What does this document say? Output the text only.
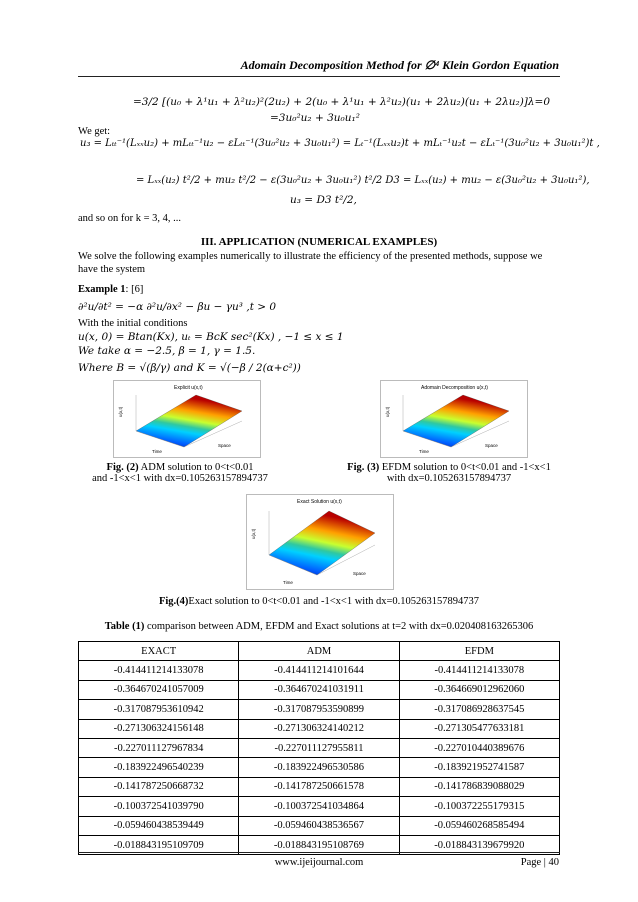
Adomain Decomposition Method for ∅⁴ Klein Gordon Equation
=3/2 [(u₀ + λ¹u₁ + λ²u₂)²(2u₂) + 2(u₀ + λ¹u₁ + λ²u₂)(u₁ + 2λu₂)(u₁ + 2λu₂)]λ=0
=3u₀²u₂ + 3u₀u₁²
We get:
u₃ = Lₜₜ⁻¹(Lₓₓu₂) + mLₜₜ⁻¹u₂ − εLₜₜ⁻¹(3u₀²u₂ + 3u₀u₁²) = Lₜ⁻¹(Lₓₓu₂)t + mLₜ⁻¹u₂t − εLₜ⁻¹(3u₀²u₂ + 3u₀u₁²)t ,
= Lₓₓ(u₂) t²/2 + mu₂ t²/2 − ε(3u₀²u₂ + 3u₀u₁²) t²/2 D3 = Lₓₓ(u₂) + mu₂ − ε(3u₀²u₂ + 3u₀u₁²),
u₃ = D3 t²/2,
and so on for k = 3, 4, ...
III. APPLICATION (NUMERICAL EXAMPLES)
We solve the following examples numerically to illustrate the efficiency of the presented methods, suppose we
have the system
Example 1: [6]
∂²u/∂t² = −α ∂²u/∂x² − βu − γu³ ,t > 0
With the initial conditions
u(x, 0) = Btan(Kx), uₜ = BcK sec²(Kx) , −1 ≤ x ≤ 1
We take α = −2.5, β = 1, γ = 1.5.
Where B = √(β/γ) and K = √(−β / 2(α+c²))
Explicit u(x,t)
Time
Space
u(x,t)
Adomain Decomposition u(x,t)
Time
Space
u(x,t)
Fig. (2) ADM solution to 0<t<0.01
and -1<x<1 with dx=0.105263157894737
Fig. (3) EFDM solution to 0<t<0.01 and -1<x<1
with dx=0.105263157894737
Exact Solution u(x,t)
Time
Space
u(x,t)
Fig.(4)Exact solution to 0<t<0.01 and -1<x<1 with dx=0.105263157894737
Table (1) comparison between ADM, EFDM and Exact solutions at t=2 with dx=0.020408163265306
EXACT	ADM	EFDM
-0.414411214133078	-0.414411214101644	-0.414411214133078
-0.364670241057009	-0.364670241031911	-0.364669012962060
-0.317087953610942	-0.317087953590899	-0.317086928637545
-0.271306324156148	-0.271306324140212	-0.271305477633181
-0.227011127967834	-0.227011127955811	-0.227010440389676
-0.183922496540239	-0.183922496530586	-0.183921952741587
-0.141787250668732	-0.141787250661578	-0.141786839088029
-0.100372541039790	-0.100372541034864	-0.100372255179315
-0.059460438539449	-0.059460438536567	-0.059460268585494
-0.018843195109709	-0.018843195108769	-0.018843139679920
www.ijeijournal.com	Page | 40
